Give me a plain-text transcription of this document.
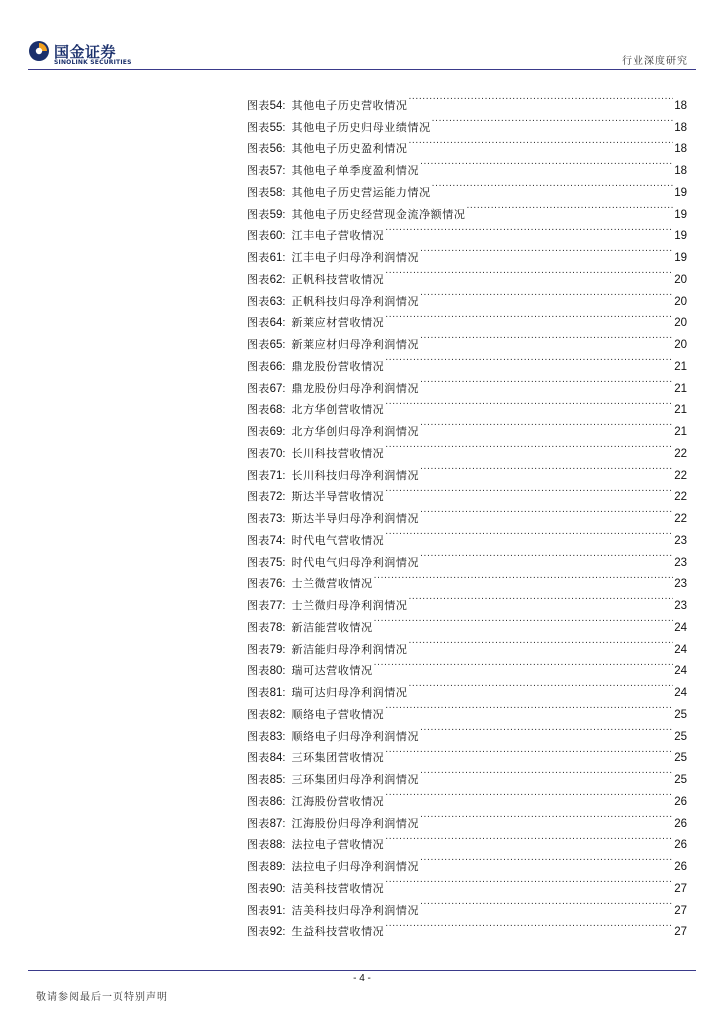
国金证券
SINOLINK SECURITIES	行业深度研究
图表 54 : 其他电子历史营收情况 .....	18
图表 55 : 其他电子历史归母业绩情况 .....	18
图表 56 : 其他电子历史盈利情况 .....	18
图表 57 : 其他电子单季度盈利情况 .....	18
图表 58 : 其他电子历史营运能力情况 .....	19
图表 59 : 其他电子历史经营现金流净额情况 .....	19
图表 60 : 江丰电子营收情况 .....	19
图表 61 : 江丰电子归母净利润情况 .....	19
图表 62 : 正帆科技营收情况 .....	20
图表 63 : 正帆科技归母净利润情况 .....	20
图表 64 : 新莱应材营收情况 .....	20
图表 65 : 新莱应材归母净利润情况 .....	20
图表 66 : 鼎龙股份营收情况 .....	21
图表 67 : 鼎龙股份归母净利润情况 .....	21
图表 68 : 北方华创营收情况 .....	21
图表 69 : 北方华创归母净利润情况 .....	21
图表 70 : 长川科技营收情况 .....	22
图表 71 : 长川科技归母净利润情况 .....	22
图表 72 : 斯达半导营收情况 .....	22
图表 73 : 斯达半导归母净利润情况 .....	22
图表 74 : 时代电气营收情况 .....	23
图表 75 : 时代电气归母净利润情况 .....	23
图表 76 : 士兰微营收情况 .....	23
图表 77 : 士兰微归母净利润情况 .....	23
图表 78 : 新洁能营收情况 .....	24
图表 79 : 新洁能归母净利润情况 .....	24
图表 80 : 瑞可达营收情况 .....	24
图表 81 : 瑞可达归母净利润情况 .....	24
图表 82 : 顺络电子营收情况 .....	25
图表 83 : 顺络电子归母净利润情况 .....	25
图表 84 : 三环集团营收情况 .....	25
图表 85 : 三环集团归母净利润情况 .....	25
图表 86 : 江海股份营收情况 .....	26
图表 87 : 江海股份归母净利润情况 .....	26
图表 88 : 法拉电子营收情况 .....	26
图表 89 : 法拉电子归母净利润情况 .....	26
图表 90 : 洁美科技营收情况 .....	27
图表 91 : 洁美科技归母净利润情况 .....	27
图表 92 : 生益科技营收情况 .....	27
- 4 -
敬请参阅最后一页特别声明
